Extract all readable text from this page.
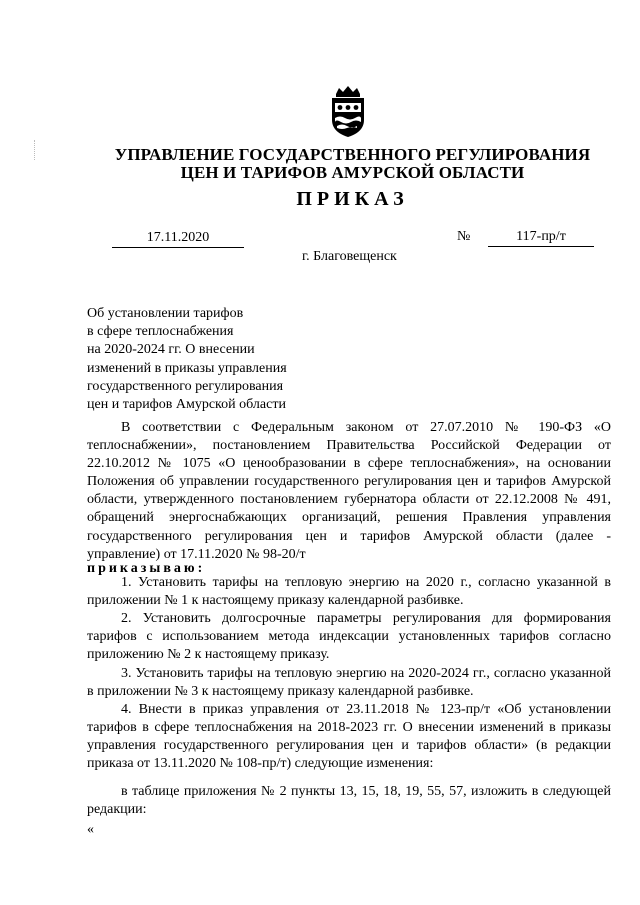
УПРАВЛЕНИЕ ГОСУДАРСТВЕННОГО РЕГУЛИРОВАНИЯ
ЦЕН И ТАРИФОВ АМУРСКОЙ ОБЛАСТИ
ПРИКАЗ
17.11.2020	№	117-пр/т
г. Благовещенск
Об установлении тарифов
в сфере теплоснабжения
на 2020-2024 гг. О внесении
изменений в приказы управления
государственного регулирования
цен и тарифов Амурской области
В соответствии с Федеральным законом от 27.07.2010 № 190-ФЗ «О теплоснабжении», постановлением Правительства Российской Федерации от 22.10.2012 № 1075 «О ценообразовании в сфере теплоснабжения», на основании Положения об управлении государственного регулирования цен и тарифов Амурской области, утвержденного постановлением губернатора области от 22.12.2008 № 491, обращений энергоснабжающих организаций, решения Правления управления государственного регулирования цен и тарифов Амурской области (далее - управление) от 17.11.2020 № 98-20/т
приказываю:
1. Установить тарифы на тепловую энергию на 2020 г., согласно указанной в приложении № 1 к настоящему приказу календарной разбивке.
2. Установить долгосрочные параметры регулирования для формирования тарифов с использованием метода индексации установленных тарифов согласно приложению № 2 к настоящему приказу.
3. Установить тарифы на тепловую энергию на 2020-2024 гг., согласно указанной в приложении № 3 к настоящему приказу календарной разбивке.
4. Внести в приказ управления от 23.11.2018 № 123-пр/т «Об установлении тарифов в сфере теплоснабжения на 2018-2023 гг. О внесении изменений в приказы управления государственного регулирования цен и тарифов области» (в редакции приказа от 13.11.2020 № 108-пр/т) следующие изменения:
в таблице приложения № 2 пункты 13, 15, 18, 19, 55, 57, изложить в следующей редакции:
«
